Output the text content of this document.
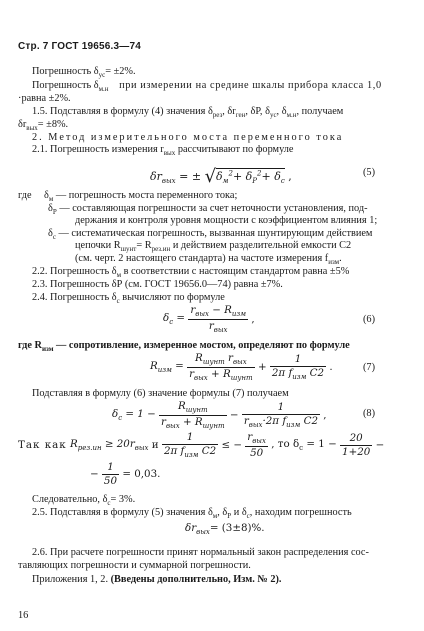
Стр. 7 ГОСТ 19656.3—74
Погрешность $\delta_{ус}= \pm 2\%$.
Погрешность $\delta_{м.н}$ при измерении на средине шкалы прибора класса 1,0
·равна ±2%.
1.5. Подставляя в формулу (4) значения $\delta_{рез}$, $\delta r_{ген}$, δP, $\delta_{ус}$, $\delta_{м.н}$, получаем
$\delta r_{вых}= \pm 8\%$.
2. Метод измерительного моста переменного тока
2.1. Погрешность измерения $r_{вых}$ рассчитывают по формуле
$\delta r_{вых}$ = ± $√\delta_м^2+ \delta_P^2+ \delta_c$ ,	(5)
где $\delta_м$ — погрешность моста переменного тока;
$\delta_P$ — составляющая погрешности за счет неточности установления, под-
держания и контроля уровня мощности с коэффициентом влияния 1;
$\delta_c$ — систематическая погрешность, вызванная шунтирующим действием
цепочки $R_{шунт}= R_{рез.ин}$ и действием разделительной емкости С2
(см. черт. 2 настоящего стандарта) на частоте измерения $f_{изм}$.
2.2. Погрешность $\delta_м$ в соответствии с настоящим стандартом равна ±5%
2.3. Погрешность δР (см. ГОСТ 19656.0—74) равна ±7%.
2.4. Погрешность $\delta_c$ вычисляют по формуле
$\delta_c = \frac{r_{вых} - R_{изм}}{r_{вых}}$ ,	(6)
где $R_{изм}$ — сопротивление, измеренное мостом, определяют по формуле
$R_{изм} = \frac{R_{шунт} r_{вых}}{r_{вых} + R_{шунт}} + \frac{1}{2\pi f_{изм} C2}$ .	(7)
Подставляя в формулу (6) значение формулы (7) получаем
$\delta_c = 1 - \frac{R_{шунт}}{r_{вых} + R_{шунт}} - \frac{1}{r_{вых}\cdot 2\pi f_{изм} C2}$ ,	(8)
Так как $R_{рез.ин} \ge 20r_{вых}$ и $\frac{1}{2\pi f_{изм} C2}$ ≤ − $\frac{r_{вых}}{50}$ , то $\delta_c = 1 - \frac{20}{1+20}$ −
− $\frac{1}{50} = 0,03$.
Следовательно, $\delta_c= 3\%$.
2.5. Подставляя в формулу (5) значения $\delta_м$, $\delta_P$ и $\delta_c$, находим погрешность
$\delta r_{вых}= (3\pm 8)\%$.
2.6. При расчете погрешности принят нормальный закон распределения сос-
тавляющих погрешности и суммарной погрешности.
Приложения 1, 2. (Введены дополнительно, Изм. № 2).
16
